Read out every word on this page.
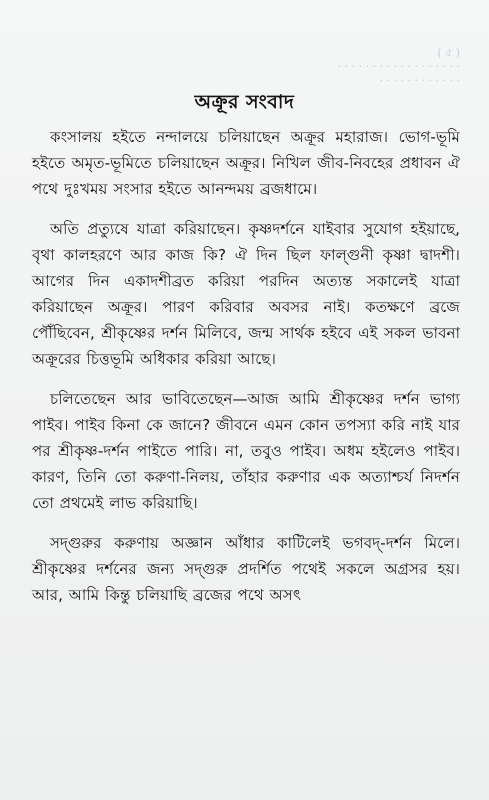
( ৫ )
· · · · · · · · · · · · · · · · · ·
· · · · · · · · · · · ·
অক্রূর সংবাদ

কংসালয় হইতে নন্দালয়ে চলিয়াছেন অক্রূর মহারাজ। ভোগ-ভূমি হইতে অমৃত-ভূমিতে চলিয়াছেন অক্রূর। নিখিল জীব-নিবহের প্রধাবন ঐ পথে দুঃখময় সংসার হইতে আনন্দময় ব্রজধামে।

অতি প্রত্যুষে যাত্রা করিয়াছেন। কৃষ্ণদর্শনে যাইবার সুযোগ হইয়াছে, বৃথা কালহরণে আর কাজ কি? ঐ দিন ছিল ফাল্গুনী কৃষ্ণা দ্বাদশী। আগের দিন একাদশীব্রত করিয়া পরদিন অত্যন্ত সকালেই যাত্রা করিয়াছেন অক্রূর। পারণ করিবার অবসর নাই। কতক্ষণে ব্রজে পৌঁছিবেন, শ্রীকৃষ্ণের দর্শন মিলিবে, জন্ম সার্থক হইবে এই সকল ভাবনা অক্রূরের চিত্তভূমি অধিকার করিয়া আছে।

চলিতেছেন আর ভাবিতেছেন—আজ আমি শ্রীকৃষ্ণের দর্শন ভাগ্য পাইব। পাইব কিনা কে জানে? জীবনে এমন কোন তপস্যা করি নাই যার পর শ্রীকৃষ্ণ-দর্শন পাইতে পারি। না, তবুও পাইব। অধম হইলেও পাইব। কারণ, তিনি তো করুণা-নিলয়, তাঁহার করুণার এক অত্যাশ্চর্য নিদর্শন তো প্রথমেই লাভ করিয়াছি।

সদ্গুরুর করুণায় অজ্ঞান আঁধার কাটিলেই ভগবদ্-দর্শন মিলে। শ্রীকৃষ্ণের দর্শনের জন্য সদ্গুরু প্রদর্শিত পথেই সকলে অগ্রসর হয়। আর, আমি কিন্তু চলিয়াছি ব্রজের পথে অসৎ
